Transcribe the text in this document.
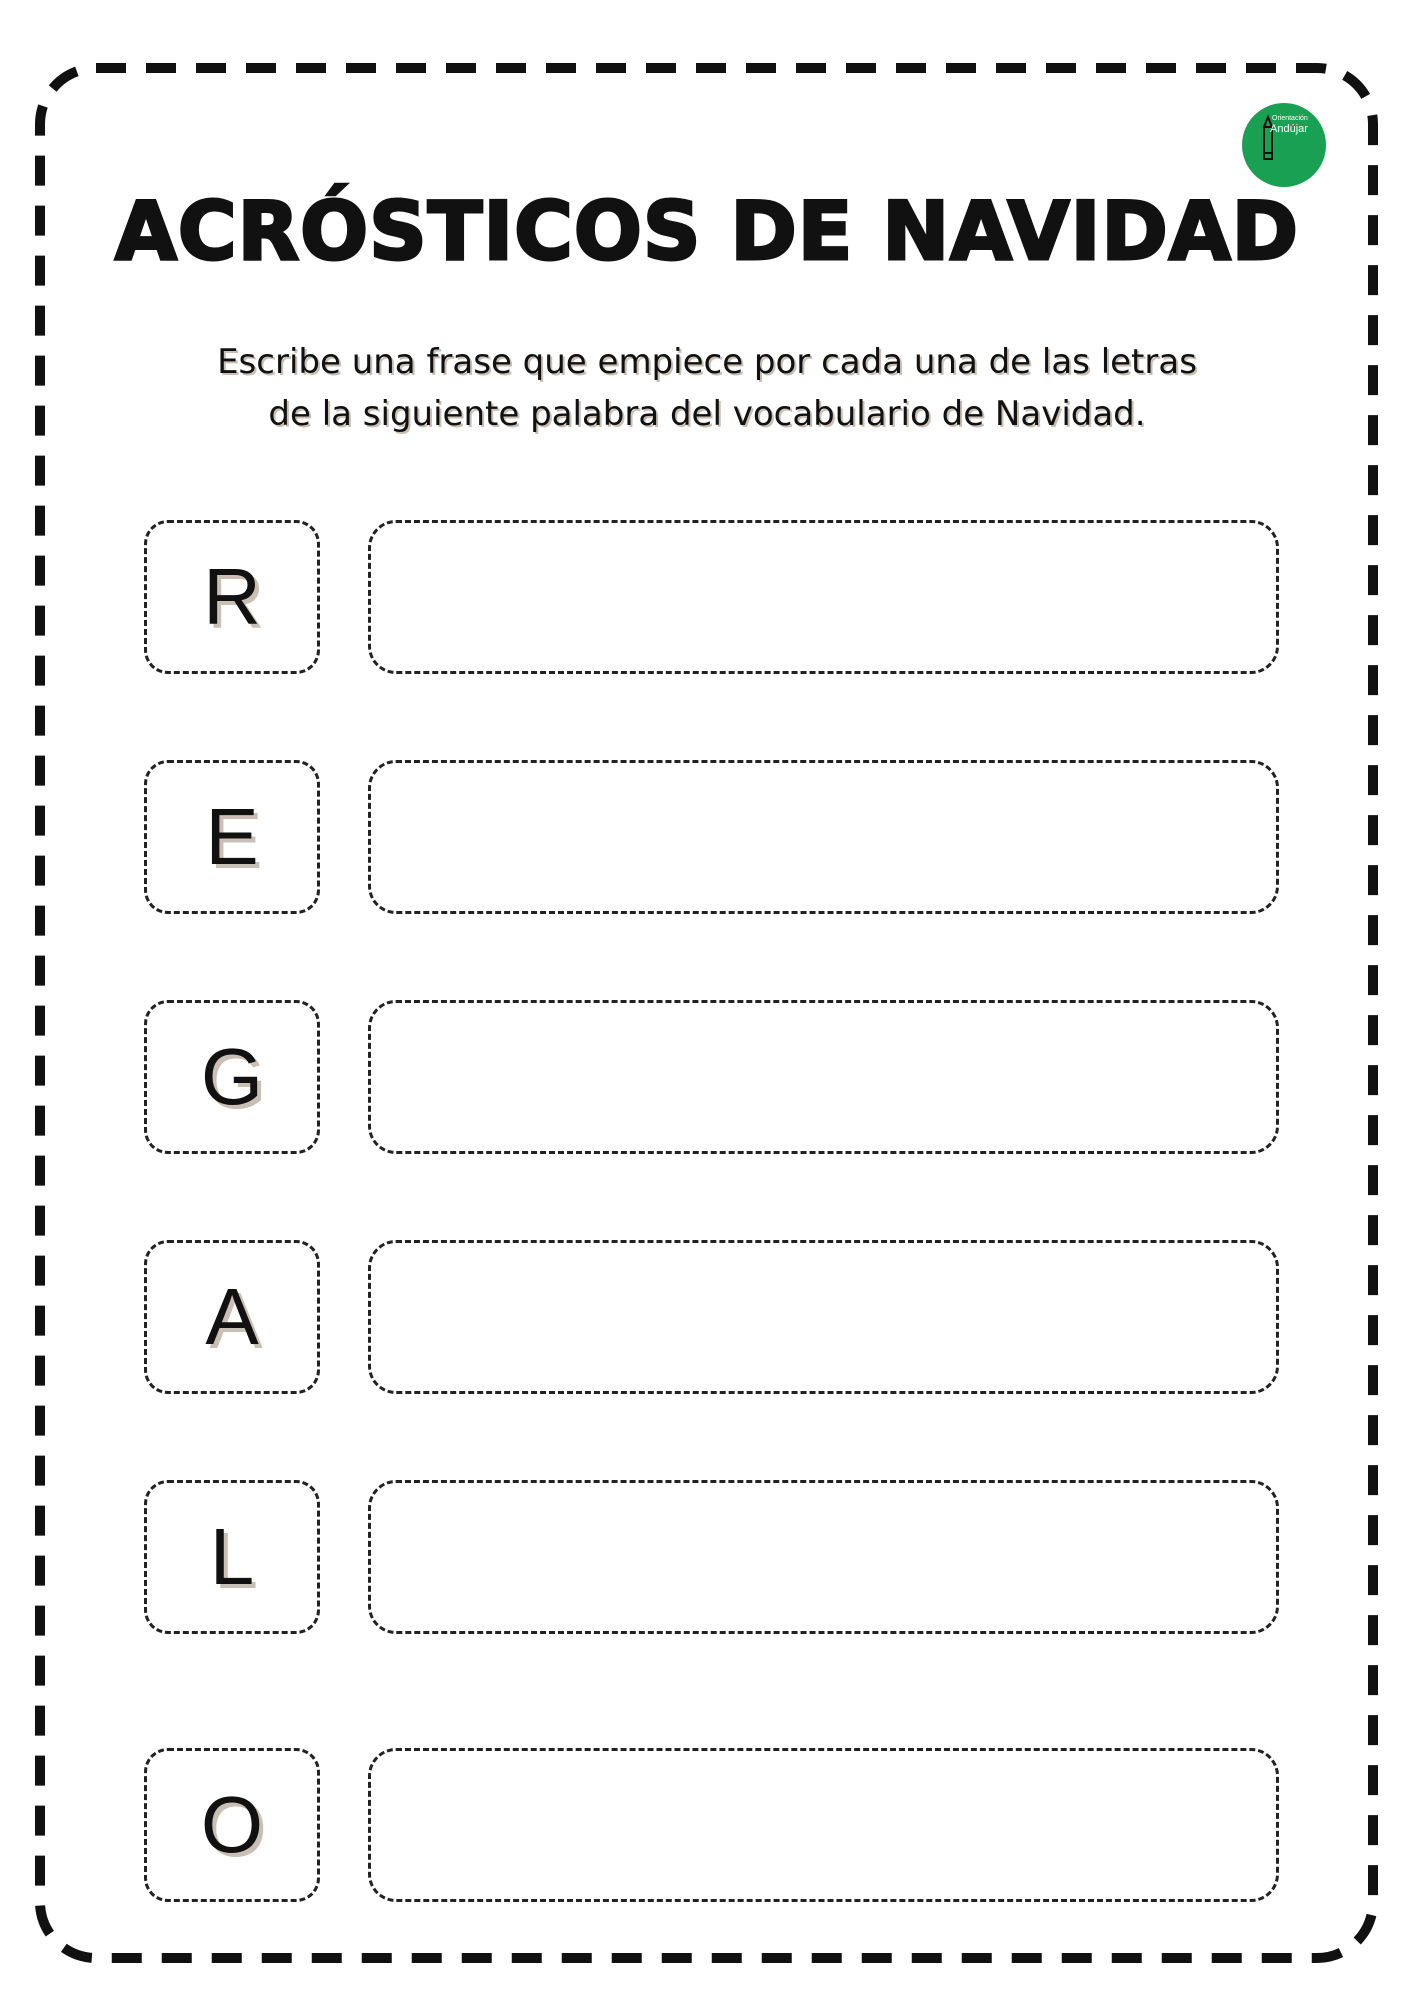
Orientación
Andújar
ACRÓSTICOS DE NAVIDAD
Escribe una frase que empiece por cada una de las letras
de la siguiente palabra del vocabulario de Navidad.
R
E
G
A
L
O
